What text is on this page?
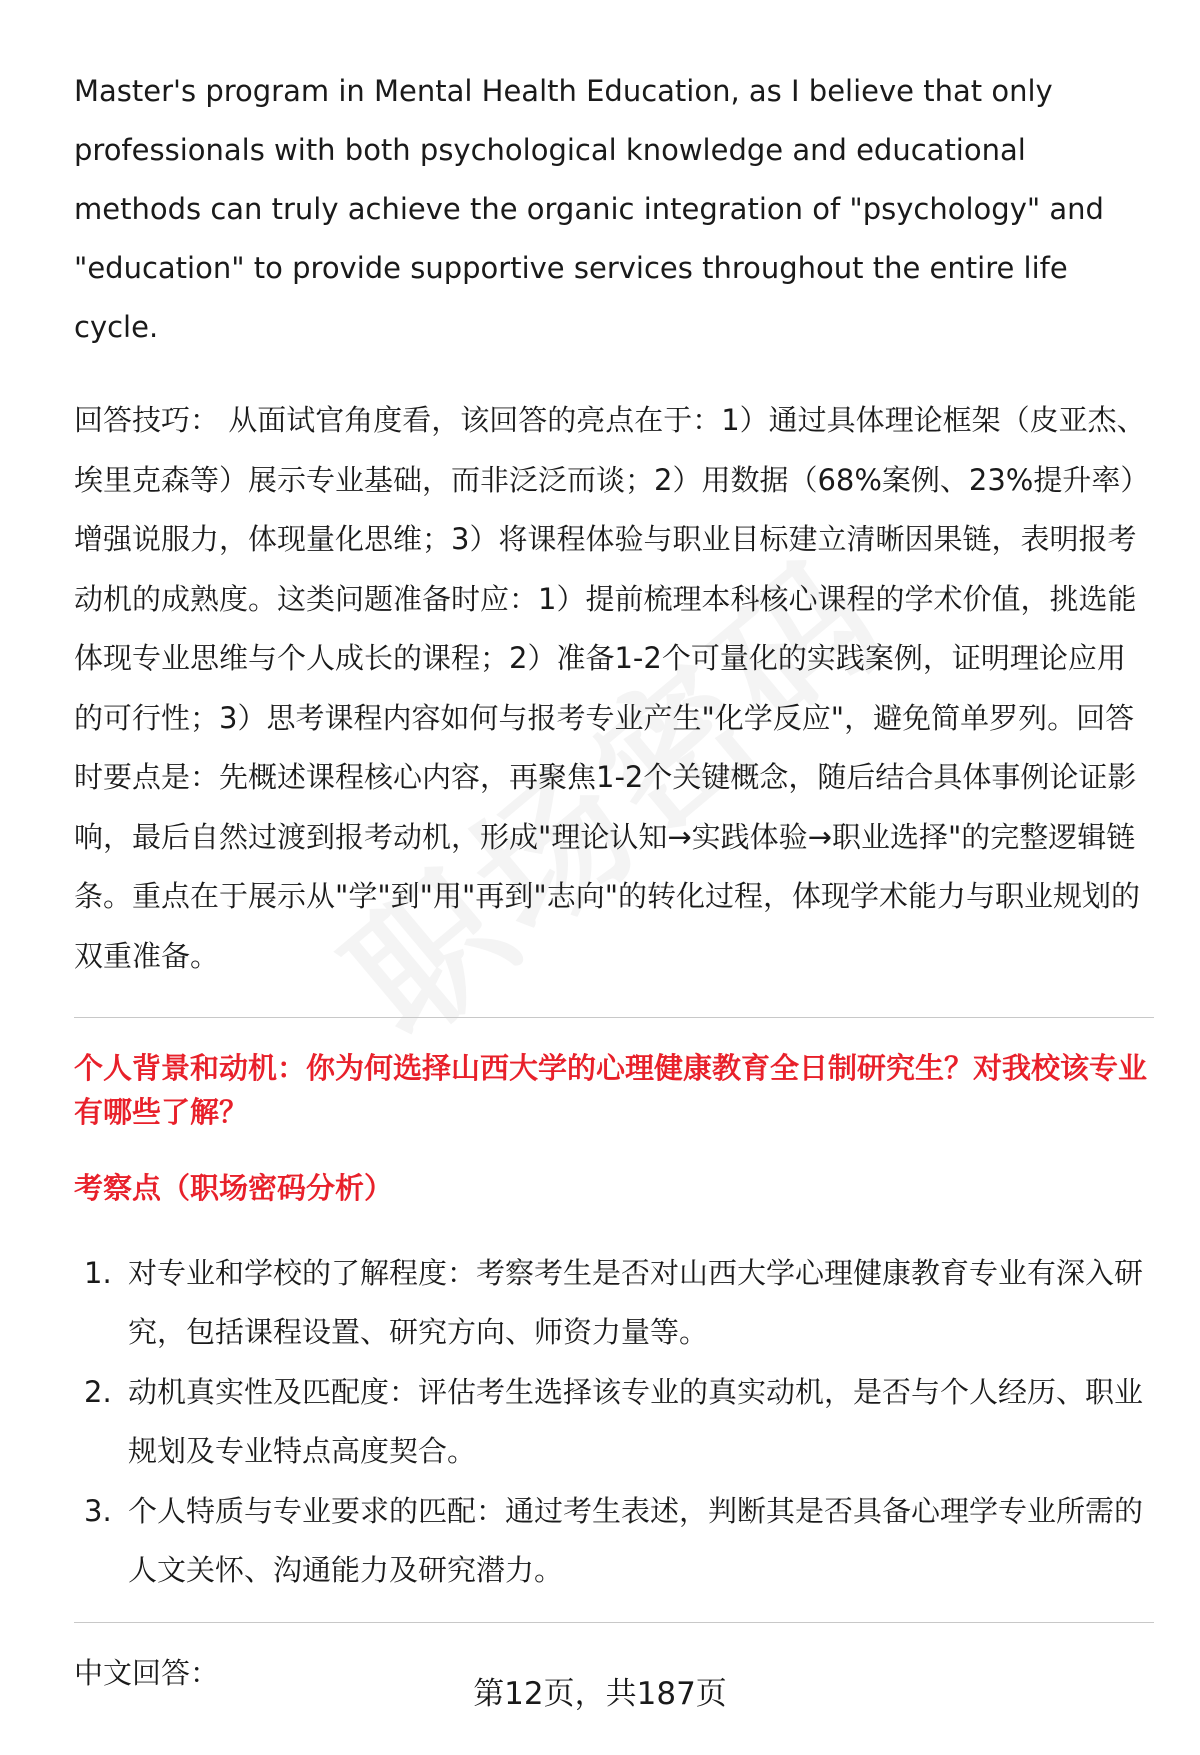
Master's program in Mental Health Education, as I believe that only professionals with both psychological knowledge and educational methods can truly achieve the organic integration of "psychology" and "education" to provide supportive services throughout the entire life cycle.

回答技巧： 从面试官角度看，该回答的亮点在于：1）通过具体理论框架（皮亚杰、埃里克森等）展示专业基础，而非泛泛而谈；2）用数据（68%案例、23%提升率）增强说服力，体现量化思维；3）将课程体验与职业目标建立清晰因果链，表明报考动机的成熟度。这类问题准备时应：1）提前梳理本科核心课程的学术价值，挑选能体现专业思维与个人成长的课程；2）准备1-2个可量化的实践案例，证明理论应用的可行性；3）思考课程内容如何与报考专业产生"化学反应"，避免简单罗列。回答时要点是：先概述课程核心内容，再聚焦1-2个关键概念，随后结合具体事例论证影响，最后自然过渡到报考动机，形成"理论认知→实践体验→职业选择"的完整逻辑链条。重点在于展示从"学"到"用"再到"志向"的转化过程，体现学术能力与职业规划的双重准备。

个人背景和动机：你为何选择山西大学的心理健康教育全日制研究生？对我校该专业有哪些了解？

考察点（职场密码分析）

1. 对专业和学校的了解程度：考察考生是否对山西大学心理健康教育专业有深入研究，包括课程设置、研究方向、师资力量等。
2. 动机真实性及匹配度：评估考生选择该专业的真实动机，是否与个人经历、职业规划及专业特点高度契合。
3. 个人特质与专业要求的匹配：通过考生表述，判断其是否具备心理学专业所需的人文关怀、沟通能力及研究潜力。

中文回答：

第12页，共187页
